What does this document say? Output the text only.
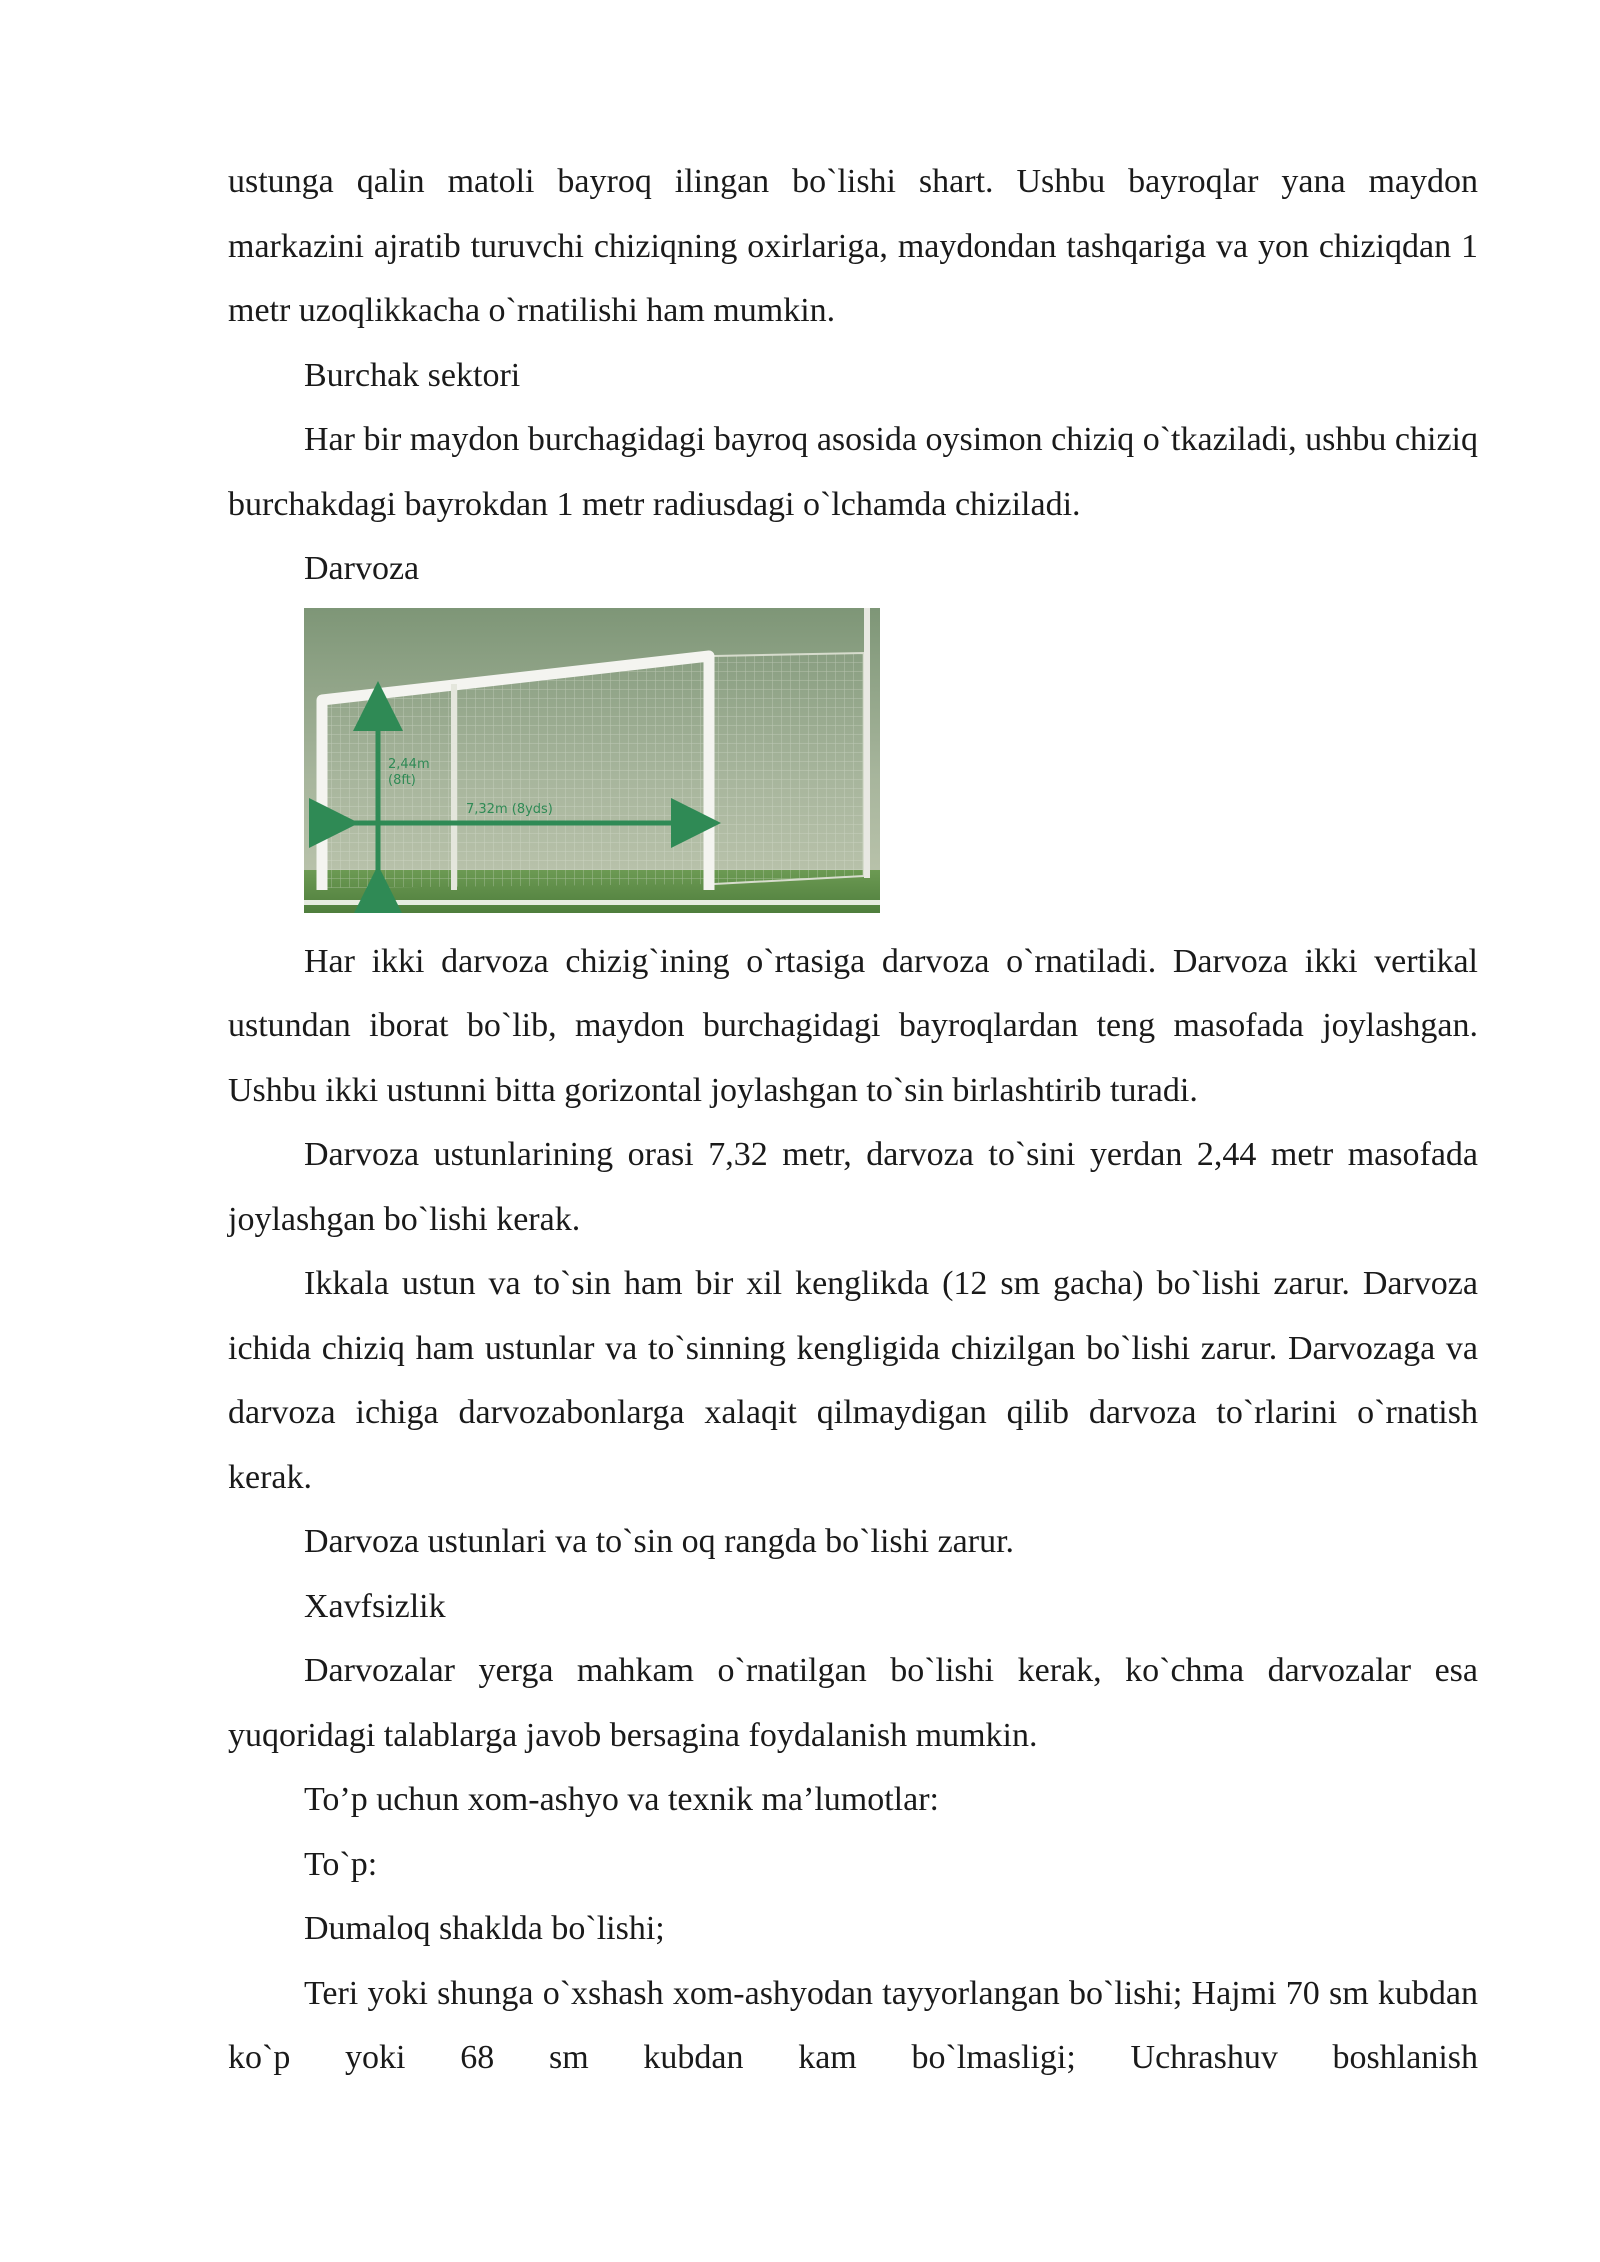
ustunga qalin matoli bayroq ilingan bo`lishi shart. Ushbu bayroqlar yana maydon markazini ajratib turuvchi chiziqning oxirlariga, maydondan tashqariga va yon chiziqdan 1 metr uzoqlikkacha o`rnatilishi ham mumkin.

Burchak sektori

Har bir maydon burchagidagi bayroq asosida oysimon chiziq o`tkaziladi, ushbu chiziq burchakdagi bayrokdan 1 metr radiusdagi o`lchamda chiziladi.

Darvoza

2,44m
(8ft)
7,32m (8yds)

Har ikki darvoza chizig`ining o`rtasiga darvoza o`rnatiladi. Darvoza ikki vertikal ustundan iborat bo`lib, maydon burchagidagi bayroqlardan teng masofada joylashgan. Ushbu ikki ustunni bitta gorizontal joylashgan to`sin birlashtirib turadi.

Darvoza ustunlarining orasi 7,32 metr, darvoza to`sini yerdan 2,44 metr masofada joylashgan bo`lishi kerak.

Ikkala ustun va to`sin ham bir xil kenglikda (12 sm gacha) bo`lishi zarur. Darvoza ichida chiziq ham ustunlar va to`sinning kengligida chizilgan bo`lishi zarur. Darvozaga va darvoza ichiga darvozabonlarga xalaqit qilmaydigan qilib darvoza to`rlarini o`rnatish kerak.

Darvoza ustunlari va to`sin oq rangda bo`lishi zarur.

Xavfsizlik

Darvozalar yerga mahkam o`rnatilgan bo`lishi kerak, ko`chma darvozalar esa yuqoridagi talablarga javob bersagina foydalanish mumkin.

To’p uchun xom-ashyo va texnik ma’lumotlar:

To`p:

Dumaloq shaklda bo`lishi;

Teri yoki shunga o`xshash xom-ashyodan tayyorlangan bo`lishi; Hajmi 70 sm kubdan ko`p yoki 68 sm kubdan kam bo`lmasligi; Uchrashuv boshlanish
